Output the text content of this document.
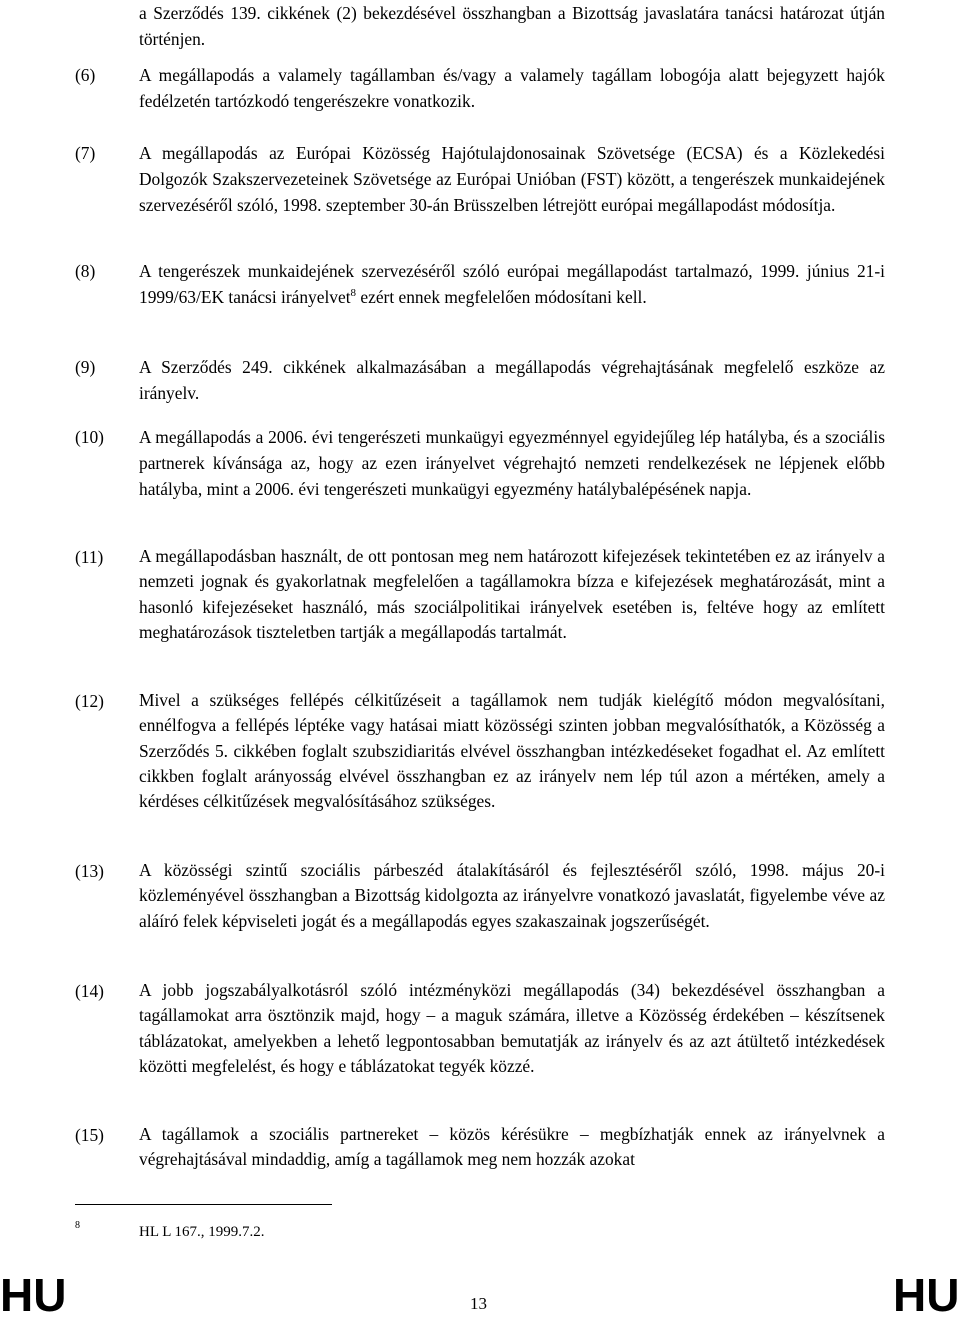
a Szerződés 139. cikkének (2) bekezdésével összhangban a Bizottság javaslatára tanácsi határozat útján történjen.
(6)	A megállapodás a valamely tagállamban és/vagy a valamely tagállam lobogója alatt bejegyzett hajók fedélzetén tartózkodó tengerészekre vonatkozik.
(7)	A megállapodás az Európai Közösség Hajótulajdonosainak Szövetsége (ECSA) és a Közlekedési Dolgozók Szakszervezeteinek Szövetsége az Európai Unióban (FST) között, a tengerészek munkaidejének szervezéséről szóló, 1998. szeptember 30-án Brüsszelben létrejött európai megállapodást módosítja.
(8)	A tengerészek munkaidejének szervezéséről szóló európai megállapodást tartalmazó, 1999. június 21-i 1999/63/EK tanácsi irányelvet$^8$ ezért ennek megfelelően módosítani kell.
(9)	A Szerződés 249. cikkének alkalmazásában a megállapodás végrehajtásának megfelelő eszköze az irányelv.
(10)	A megállapodás a 2006. évi tengerészeti munkaügyi egyezménnyel egyidejűleg lép hatályba, és a szociális partnerek kívánsága az, hogy az ezen irányelvet végrehajtó nemzeti rendelkezések ne lépjenek előbb hatályba, mint a 2006. évi tengerészeti munkaügyi egyezmény hatálybalépésének napja.
(11)	A megállapodásban használt, de ott pontosan meg nem határozott kifejezések tekintetében ez az irányelv a nemzeti jognak és gyakorlatnak megfelelően a tagállamokra bízza e kifejezések meghatározását, mint a hasonló kifejezéseket használó, más szociálpolitikai irányelvek esetében is, feltéve hogy az említett meghatározások tiszteletben tartják a megállapodás tartalmát.
(12)	Mivel a szükséges fellépés célkitűzéseit a tagállamok nem tudják kielégítő módon megvalósítani, ennélfogva a fellépés léptéke vagy hatásai miatt közösségi szinten jobban megvalósíthatók, a Közösség a Szerződés 5. cikkében foglalt szubszidiaritás elvével összhangban intézkedéseket fogadhat el. Az említett cikkben foglalt arányosság elvével összhangban ez az irányelv nem lép túl azon a mértéken, amely a kérdéses célkitűzések megvalósításához szükséges.
(13)	A közösségi szintű szociális párbeszéd átalakításáról és fejlesztéséről szóló, 1998. május 20-i közleményével összhangban a Bizottság kidolgozta az irányelvre vonatkozó javaslatát, figyelembe véve az aláíró felek képviseleti jogát és a megállapodás egyes szakaszainak jogszerűségét.
(14)	A jobb jogszabályalkotásról szóló intézményközi megállapodás (34) bekezdésével összhangban a tagállamokat arra ösztönzik majd, hogy – a maguk számára, illetve a Közösség érdekében – készítsenek táblázatokat, amelyekben a lehető legpontosabban bemutatják az irányelv és az azt átültető intézkedések közötti megfelelést, és hogy e táblázatokat tegyék közzé.
(15)	A tagállamok a szociális partnereket – közös kérésükre – megbízhatják ennek az irányelvnek a végrehajtásával mindaddig, amíg a tagállamok meg nem hozzák azokat
8	HL L 167., 1999.7.2.
HU	13	HU
